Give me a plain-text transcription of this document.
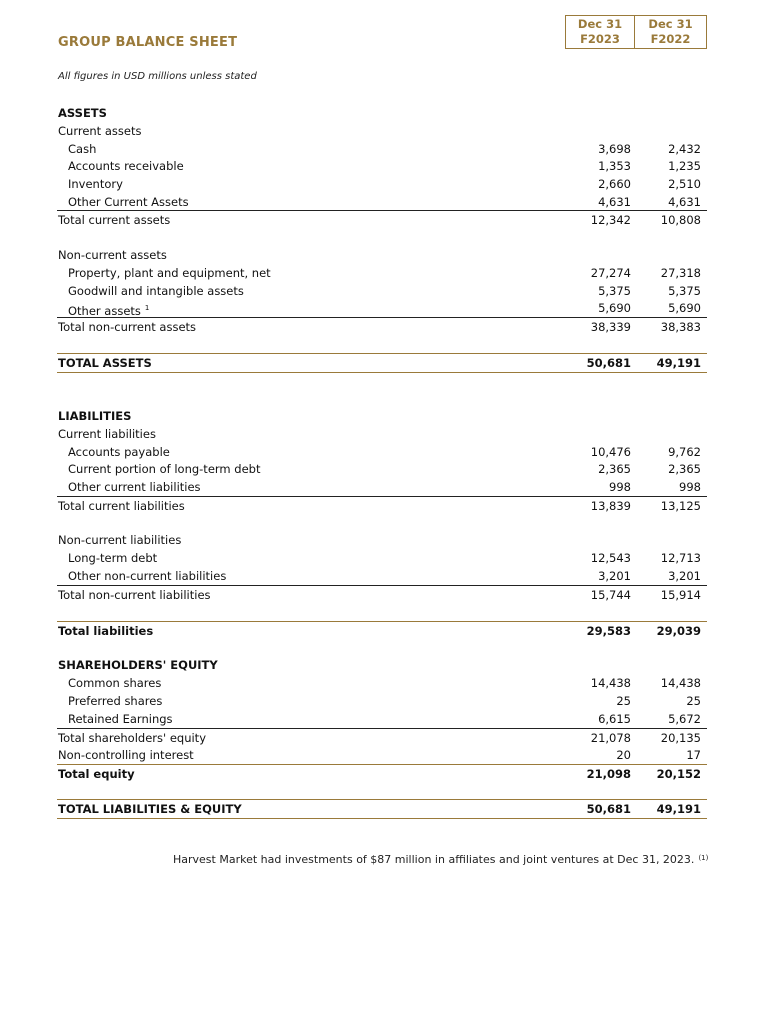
GROUP BALANCE SHEET
Dec 31
F2023
Dec 31
F2022
All figures in USD millions unless stated
ASSETS
Current assets
Cash	3,698	2,432
Accounts receivable	1,353	1,235
Inventory	2,660	2,510
Other Current Assets	4,631	4,631
Total current assets	12,342	10,808
Non-current assets
Property, plant and equipment, net	27,274	27,318
Goodwill and intangible assets	5,375	5,375
Other assets $^1$	5,690	5,690
Total non-current assets	38,339	38,383
TOTAL ASSETS	50,681 49,191
LIABILITIES
Current liabilities
Accounts payable	10,476	9,762
Current portion of long-term debt	2,365	2,365
Other current liabilities	998	998
Total current liabilities	13,839	13,125
Non-current liabilities
Long-term debt	12,543	12,713
Other non-current liabilities	3,201	3,201
Total non-current liabilities	15,744	15,914
Total liabilities	29,583 29,039
SHAREHOLDERS' EQUITY
Common shares	14,438	14,438
Preferred shares	25	25
Retained Earnings	6,615	5,672
Total shareholders' equity	21,078	20,135
Non-controlling interest	20	17
Total equity	21,098 20,152
TOTAL LIABILITIES & EQUITY	50,681 49,191
Harvest Market had investments of $87 million in affiliates and joint ventures at Dec 31, 2023. $^{(1)}$
